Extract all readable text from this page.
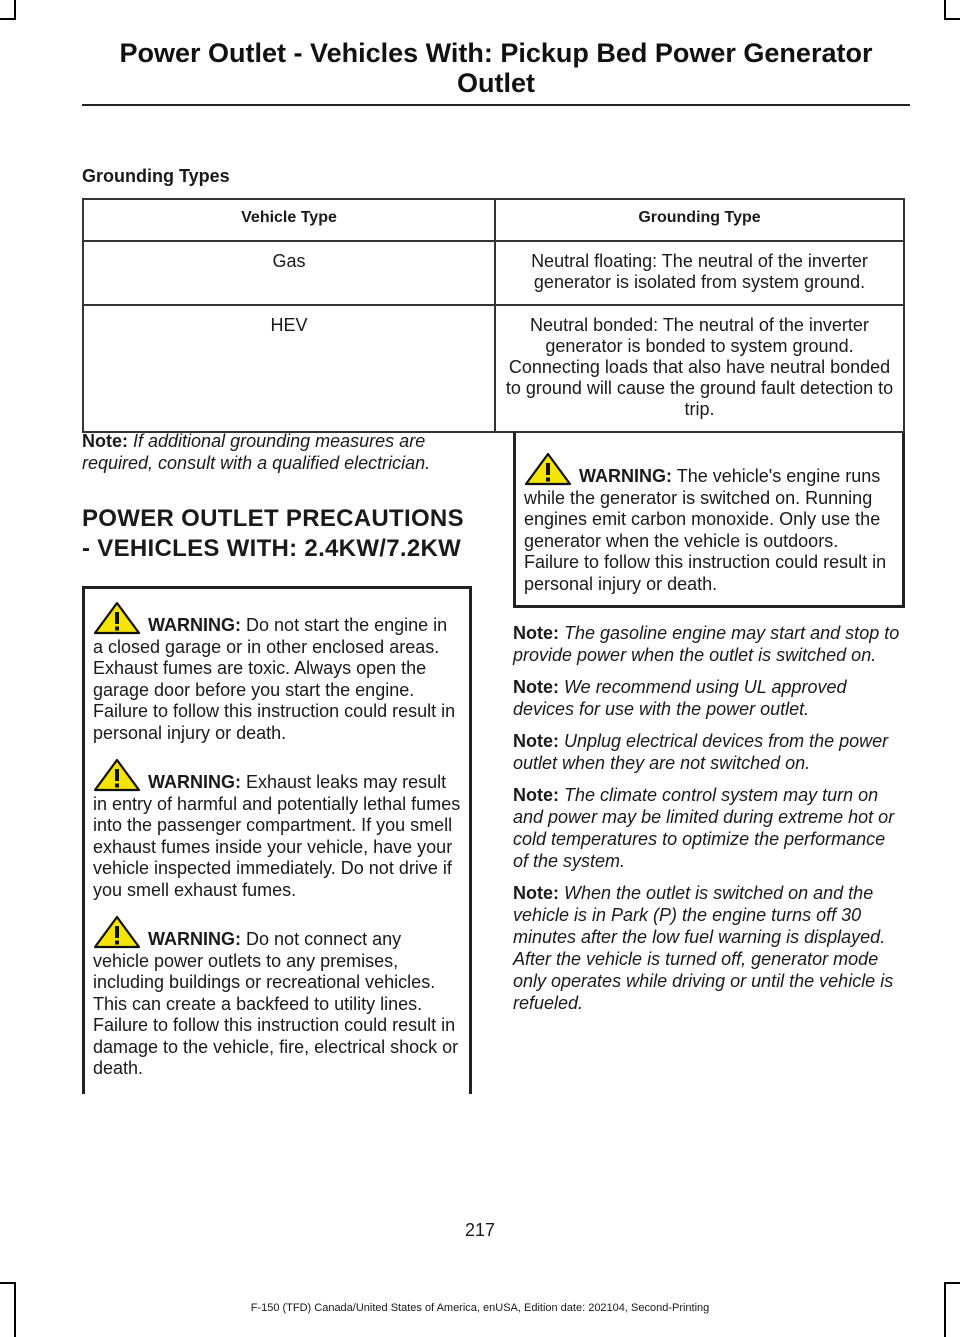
Power Outlet - Vehicles With: Pickup Bed Power Generator
Outlet
Grounding Types
Vehicle Type	Grounding Type
Gas	Neutral floating: The neutral of the inverter generator is isolated from system ground.
HEV	Neutral bonded: The neutral of the inverter generator is bonded to system ground. Connecting loads that also have neutral bonded to ground will cause the ground fault detection to trip.

Note: If additional grounding measures are required, consult with a qualified electrician.

POWER OUTLET PRECAUTIONS - VEHICLES WITH: 2.4KW/7.2KW

WARNING: Do not start the engine in a closed garage or in other enclosed areas. Exhaust fumes are toxic. Always open the garage door before you start the engine. Failure to follow this instruction could result in personal injury or death.

WARNING: Exhaust leaks may result in entry of harmful and potentially lethal fumes into the passenger compartment. If you smell exhaust fumes inside your vehicle, have your vehicle inspected immediately. Do not drive if you smell exhaust fumes.

WARNING: Do not connect any vehicle power outlets to any premises, including buildings or recreational vehicles. This can create a backfeed to utility lines. Failure to follow this instruction could result in damage to the vehicle, fire, electrical shock or death.

WARNING: The vehicle's engine runs while the generator is switched on. Running engines emit carbon monoxide. Only use the generator when the vehicle is outdoors. Failure to follow this instruction could result in personal injury or death.

Note: The gasoline engine may start and stop to provide power when the outlet is switched on.

Note: We recommend using UL approved devices for use with the power outlet.

Note: Unplug electrical devices from the power outlet when they are not switched on.

Note: The climate control system may turn on and power may be limited during extreme hot or cold temperatures to optimize the performance of the system.

Note: When the outlet is switched on and the vehicle is in Park (P) the engine turns off 30 minutes after the low fuel warning is displayed. After the vehicle is turned off, generator mode only operates while driving or until the vehicle is refueled.

217
F-150 (TFD) Canada/United States of America, enUSA, Edition date: 202104, Second-Printing
